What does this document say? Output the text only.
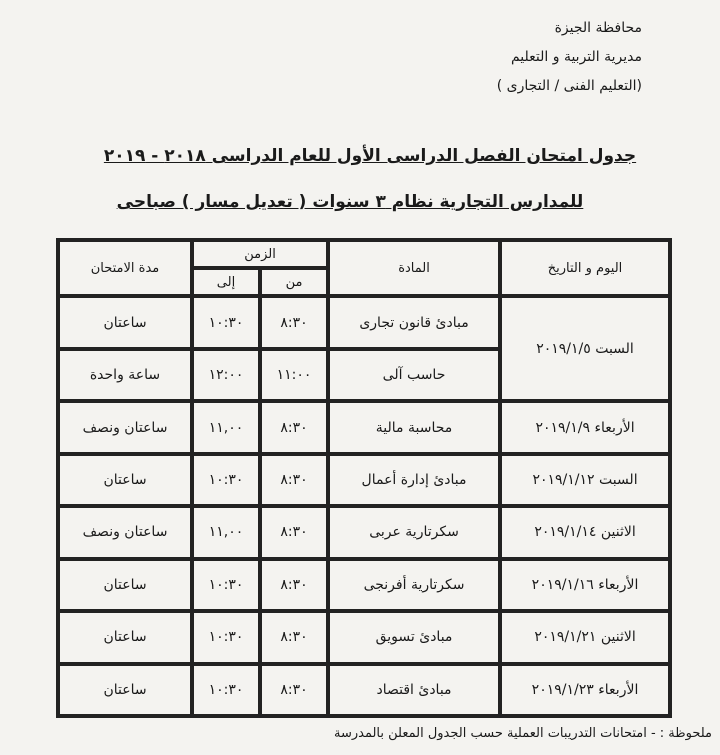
محافظة الجيزة
مديرية التربية و التعليم
(التعليم الفنى / التجارى )
جدول امتحان الفصل الدراسى الأول للعام الدراسى ٢٠١٨ - ٢٠١٩
للمدارس التجارية نظام ٣ سنوات ( تعديل مسار ) صباحى
اليوم و التاريخ	المادة	الزمن		مدة الامتحان
		من	إلى	
السبت ٢٠١٩/١/٥	مبادئ قانون تجارى	٨:٣٠	١٠:٣٠	ساعتان
	حاسب آلى	١١:٠٠	١٢:٠٠	ساعة واحدة
الأربعاء ٢٠١٩/١/٩	محاسبة مالية	٨:٣٠	١١,٠٠	ساعتان ونصف
السبت ٢٠١٩/١/١٢	مبادئ إدارة أعمال	٨:٣٠	١٠:٣٠	ساعتان
الاثنين ٢٠١٩/١/١٤	سكرتارية عربى	٨:٣٠	١١,٠٠	ساعتان ونصف
الأربعاء ٢٠١٩/١/١٦	سكرتارية أفرنجى	٨:٣٠	١٠:٣٠	ساعتان
الاثنين ٢٠١٩/١/٢١	مبادئ تسويق	٨:٣٠	١٠:٣٠	ساعتان
الأربعاء ٢٠١٩/١/٢٣	مبادئ اقتصاد	٨:٣٠	١٠:٣٠	ساعتان
ملحوظة : - امتحانات التدريبات العملية حسب الجدول المعلن بالمدرسة
